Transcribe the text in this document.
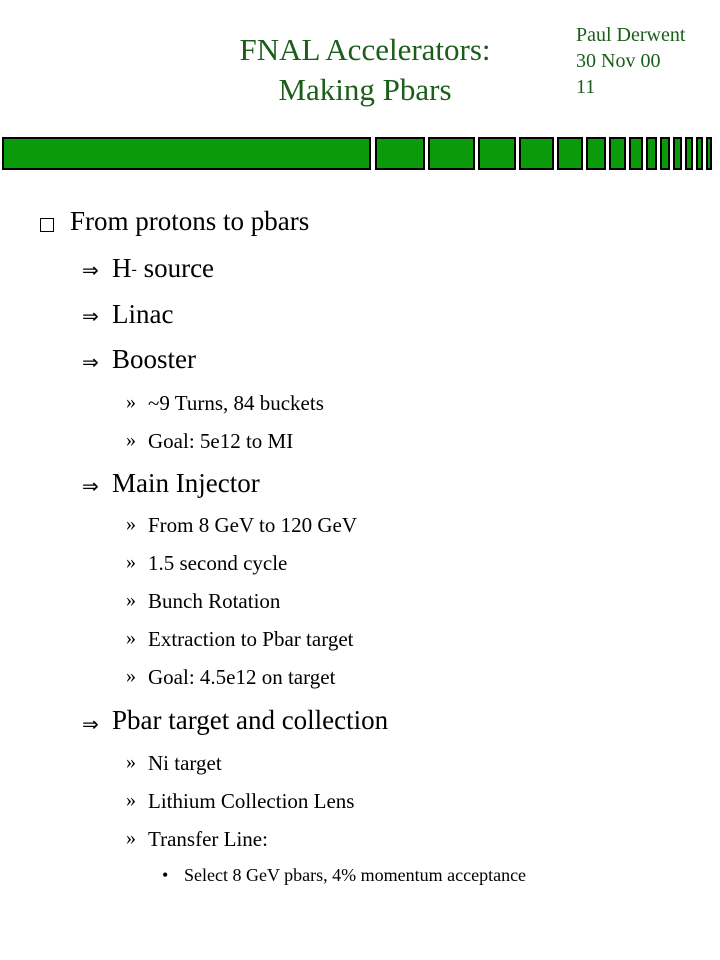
FNAL Accelerators:
Making Pbars
Paul Derwent
30 Nov 00
11
From protons to pbars
⇒ H- source
⇒ Linac
⇒ Booster
» ~9 Turns, 84 buckets
» Goal: 5e12 to MI
⇒ Main Injector
» From 8 GeV to 120 GeV
» 1.5 second cycle
» Bunch Rotation
» Extraction to Pbar target
» Goal: 4.5e12 on target
⇒ Pbar target and collection
» Ni target
» Lithium Collection Lens
» Transfer Line:
• Select 8 GeV pbars, 4% momentum acceptance
